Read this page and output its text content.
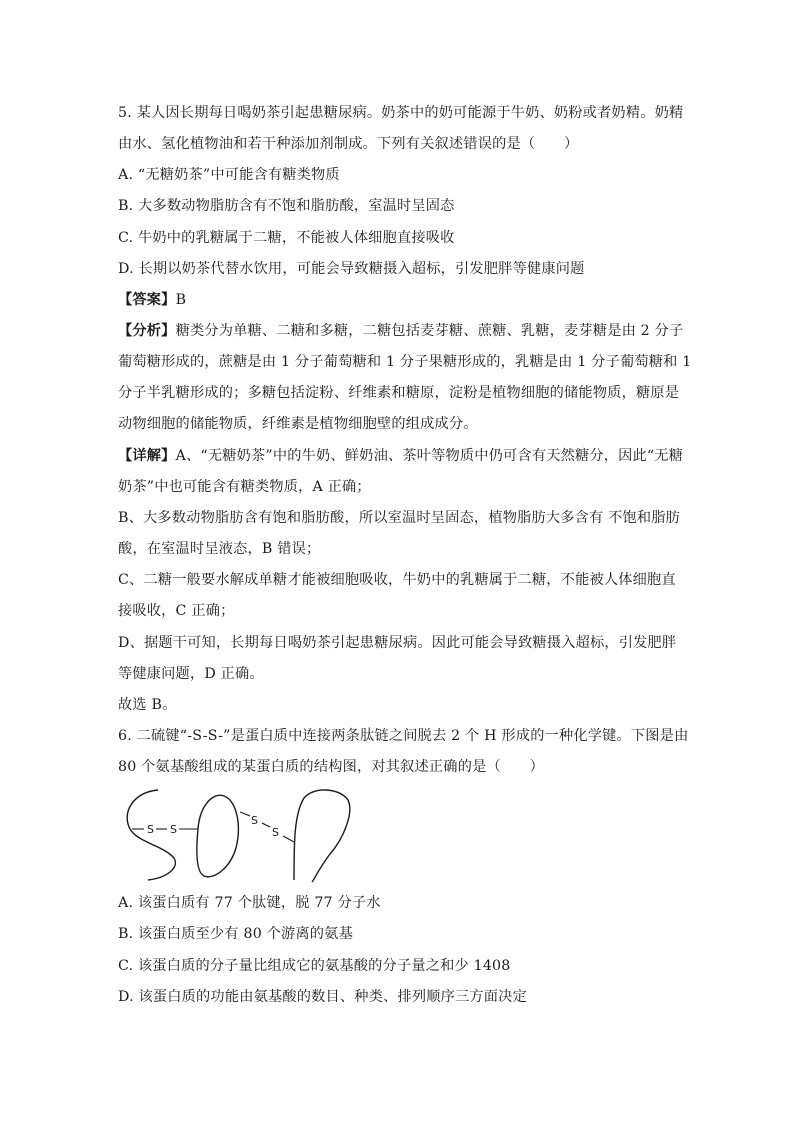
5. 某人因长期每日喝奶茶引起患糖尿病。奶茶中的奶可能源于牛奶、奶粉或者奶精。奶精
由水、氢化植物油和若干种添加剂制成。下列有关叙述错误的是（　　）
A. “无糖奶茶”中可能含有糖类物质
B. 大多数动物脂肪含有不饱和脂肪酸，室温时呈固态
C. 牛奶中的乳糖属于二糖，不能被人体细胞直接吸收
D. 长期以奶茶代替水饮用，可能会导致糖摄入超标，引发肥胖等健康问题
【答案】B
【分析】糖类分为单糖、二糖和多糖，二糖包括麦芽糖、蔗糖、乳糖，麦芽糖是由 2 分子
葡萄糖形成的，蔗糖是由 1 分子葡萄糖和 1 分子果糖形成的，乳糖是由 1 分子葡萄糖和 1
分子半乳糖形成的；多糖包括淀粉、纤维素和糖原，淀粉是植物细胞的储能物质，糖原是
动物细胞的储能物质，纤维素是植物细胞壁的组成成分。
【详解】A、“无糖奶茶”中的牛奶、鲜奶油、茶叶等物质中仍可含有天然糖分，因此“无糖
奶茶”中也可能含有糖类物质，A 正确；
B、大多数动物脂肪含有饱和脂肪酸，所以室温时呈固态，植物脂肪大多含有 不饱和脂肪
酸，在室温时呈液态，B 错误；
C、二糖一般要水解成单糖才能被细胞吸收，牛奶中的乳糖属于二糖，不能被人体细胞直
接吸收，C 正确；
D、据题干可知，长期每日喝奶茶引起患糖尿病。因此可能会导致糖摄入超标，引发肥胖
等健康问题，D 正确。
故选 B。
6. 二硫键“-S-S-”是蛋白质中连接两条肽链之间脱去 2 个 H 形成的一种化学键。下图是由
80 个氨基酸组成的某蛋白质的结构图，对其叙述正确的是（　　）
S S
S
S
A. 该蛋白质有 77 个肽键，脱 77 分子水
B. 该蛋白质至少有 80 个游离的氨基
C. 该蛋白质的分子量比组成它的氨基酸的分子量之和少 1408
D. 该蛋白质的功能由氨基酸的数目、种类、排列顺序三方面决定
